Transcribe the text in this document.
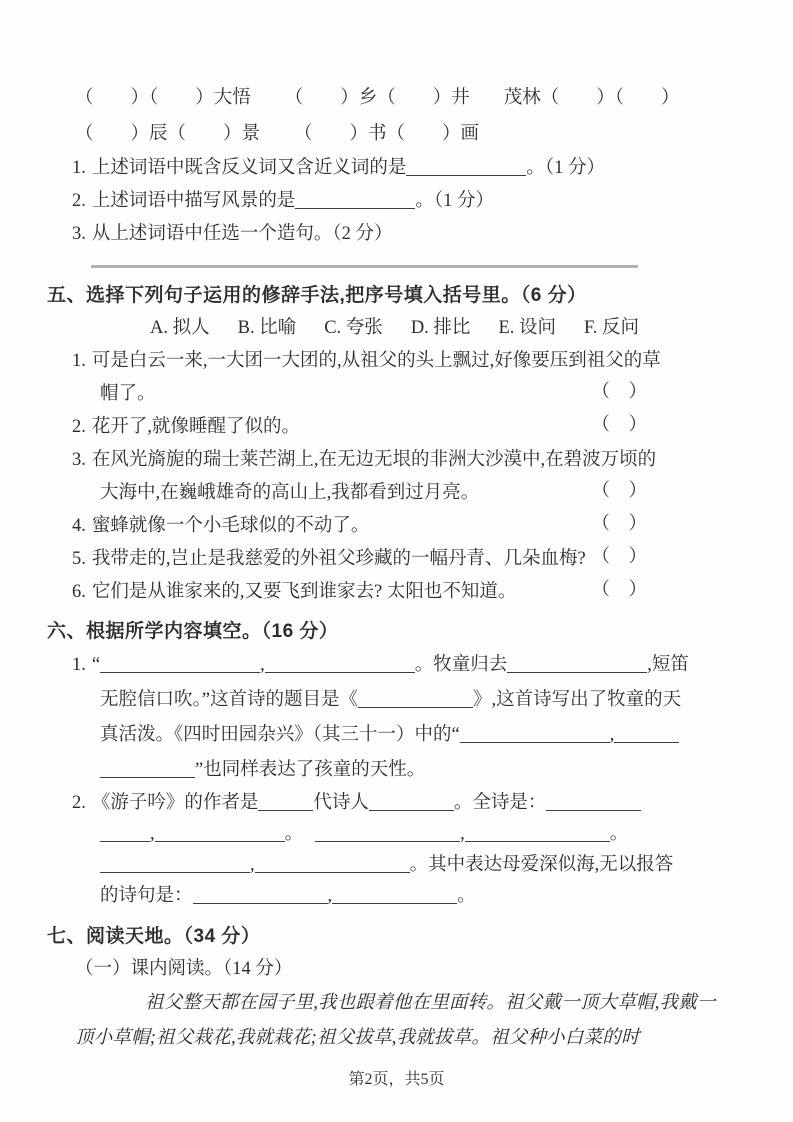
（　　）（　　）大悟 （　　）乡（　　）井 茂林（　　）（　　）
（　　）辰（　　）景 （　　）书（　　）画
1. 上述词语中既含反义词又含近义词的是	。（1 分）
2. 上述词语中描写风景的是	。（1 分）
3. 从上述词语中任选一个造句。（2 分）
五、选择下列句子运用的修辞手法,把序号填入括号里。（6 分）
A. 拟人 B. 比喻 C. 夸张 D. 排比 E. 设问 F. 反问
1. 可是白云一来,一大团一大团的,从祖父的头上飘过,好像要压到祖父的草
帽了。	（　）
2. 花开了,就像睡醒了似的。	（　）
3. 在风光旖旎的瑞士莱芒湖上,在无边无垠的非洲大沙漠中,在碧波万顷的
大海中,在巍峨雄奇的高山上,我都看到过月亮。	（　）
4. 蜜蜂就像一个小毛球似的不动了。	（　）
5. 我带走的,岂止是我慈爱的外祖父珍藏的一幅丹青、几朵血梅? （　）
6. 它们是从谁家来的,又要飞到谁家去? 太阳也不知道。	（　）
六、根据所学内容填空。（16 分）
1. “	,	。牧童归去	,短笛
无腔信口吹。”这首诗的题目是《	》,这首诗写出了牧童的天
真活泼。《四时田园杂兴》（其三十一）中的“	,
”也同样表达了孩童的天性。
2. 《游子吟》的作者是	代诗人	。全诗是：
,	。	,	。
,	。其中表达母爱深似海,无以报答
的诗句是：	,	。
七、阅读天地。（34 分）
（一）课内阅读。（14 分）
祖父整天都在园子里,我也跟着他在里面转。祖父戴一顶大草帽,我戴一顶小草帽;祖父栽花,我就栽花;祖父拔草,我就拔草。祖父种小白菜的时
第2页，共5页
